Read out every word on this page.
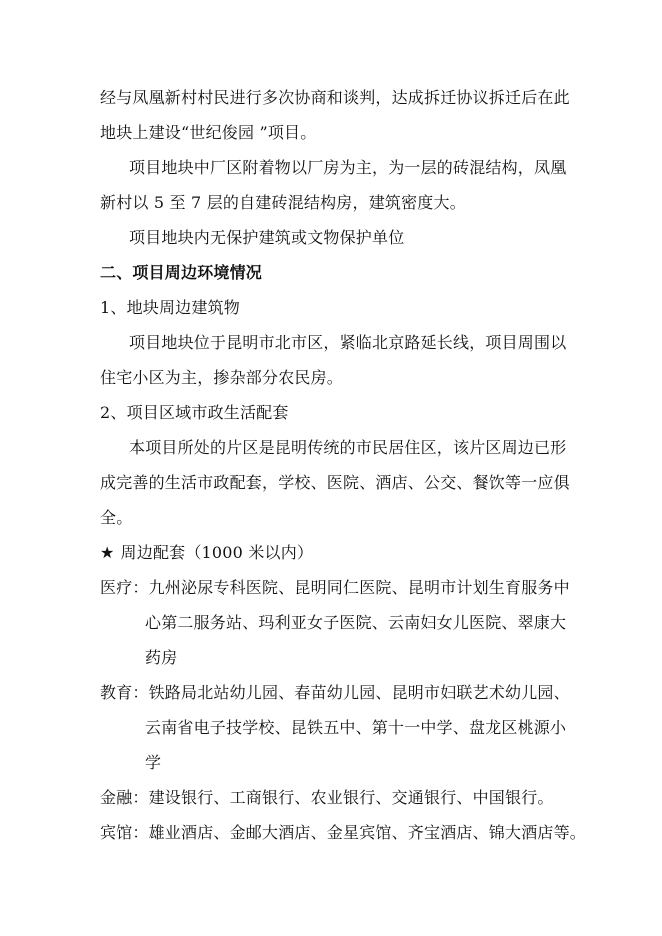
经与凤凰新村村民进行多次协商和谈判，达成拆迁协议拆迁后在此
地块上建设“世纪俊园 ”项目。
项目地块中厂区附着物以厂房为主，为一层的砖混结构，凤凰
新村以 5 至 7 层的自建砖混结构房，建筑密度大。
项目地块内无保护建筑或文物保护单位
二、项目周边环境情况
1、地块周边建筑物
项目地块位于昆明市北市区，紧临北京路延长线，项目周围以
住宅小区为主，掺杂部分农民房。
2、项目区域市政生活配套
本项目所处的片区是昆明传统的市民居住区，该片区周边已形
成完善的生活市政配套，学校、医院、酒店、公交、餐饮等一应俱
全。
★ 周边配套（1000 米以内）
医疗：九州泌尿专科医院、昆明同仁医院、昆明市计划生育服务中
心第二服务站、玛利亚女子医院、云南妇女儿医院、翠康大
药房
教育：铁路局北站幼儿园、春苗幼儿园、昆明市妇联艺术幼儿园、
云南省电子技学校、昆铁五中、第十一中学、盘龙区桃源小
学
金融：建设银行、工商银行、农业银行、交通银行、中国银行。
宾馆：雄业酒店、金邮大酒店、金星宾馆、齐宝酒店、锦大酒店等。
